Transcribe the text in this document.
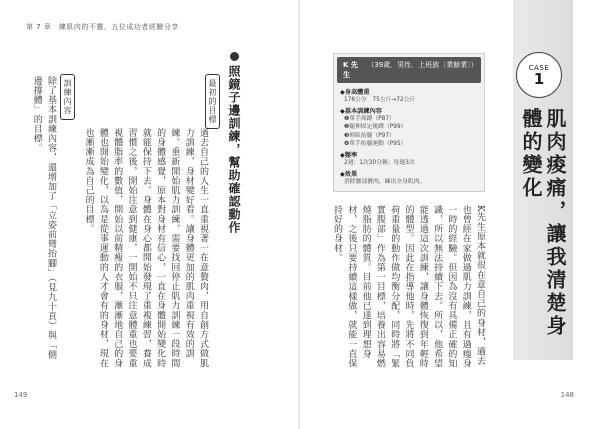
第 7 章　練肌肉的不靈，五位成功者經驗分享
照鏡子邊訓練，幫助確認動作
最初的目標
過去自己的人生一直重視著一在意贅肉，用自創方式做肌力訓練，身材變好看。讓身體更加的肌肉重視有效的訓練。重新開始肌力訓練，需要找回停止肌力訓練一段時間的身體感覺，原本對身材有信心，一直在身體開始變化時就能保持下去。身體在身心都開始發現了重複練習，養成習慣之後，開始注意到健康，一開始不只注意體重也要重視體脂率的數值，開始以前精瘦的衣服，漸漸地自己的身體也開始變化，以為是從事運動的人才會有的身材，現在也漸漸成為自己的目標。
訓練內容
除了基本訓練內容，還增加了「立姿前彎抬腳」（見九十頁）與「側邊撐體」的目標。
149
CASE
1
肌肉痠痛，讓我清楚身體的變化
K 先生
（39歲．男性．上班族〔業餘業〕）
◆身高體重
176公分　75公斤→72公斤
◆基本訓練內容
❶單手深蹲（P87）
❷腿伸固定後蹲（P99）
❸仰臥抬腿（P97）
❹單手抬腿運動（P95）
◆頻率
2週：1次30分鐘；每週3次
◆效果
消除腰部贅肉，練出全身肌肉。
K先生原本就很在意自己的身材，過去也曾經在家做過肌力訓練，且有過瘦身一時的經驗。但因為沒有具備正確的知識，所以無法持續下去。所以，他希望能透過這次訓練，讓身體恢復到年輕時的體型。因此在指導他時，先將不同負荷重量的動作做均衡分配，同時將「緊實腹部」作為第一目標，培養出容易燃燒脂肪的體質。目前他已達到理想身材，之後只要持續這樣做，就能一直保持好的身材。
148
